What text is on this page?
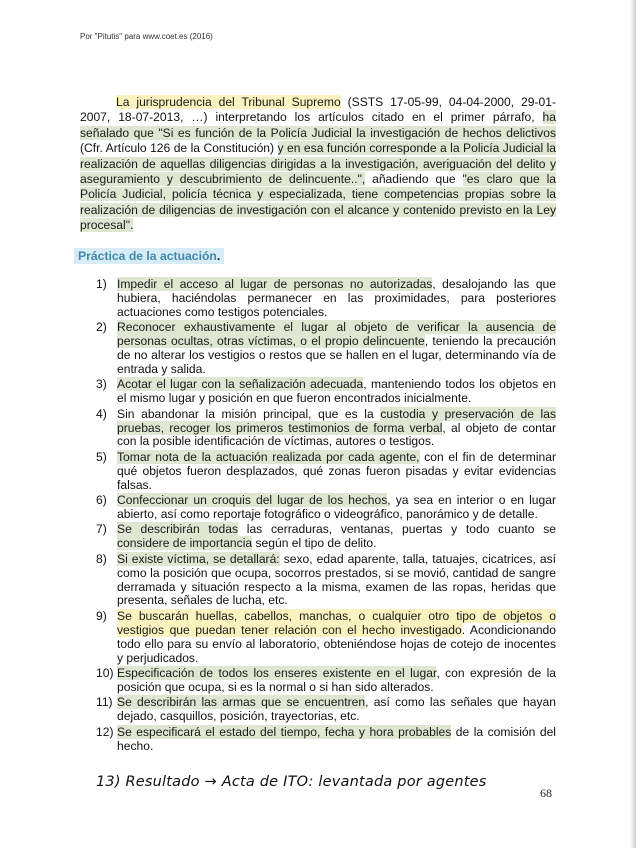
Por "Pitutis" para www.coet.es (2016)
La jurisprudencia del Tribunal Supremo (SSTS 17-05-99, 04-04-2000, 29-01-2007, 18-07-2013, …) interpretando los artículos citado en el primer párrafo, ha señalado que "Si es función de la Policía Judicial la investigación de hechos delictivos (Cfr. Artículo 126 de la Constitución) y en esa función corresponde a la Policía Judicial la realización de aquellas diligencias dirigidas a la investigación, averiguación del delito y aseguramiento y descubrimiento de delincuente..", añadiendo que "es claro que la Policía Judicial, policía técnica y especializada, tiene competencias propias sobre la realización de diligencias de investigación con el alcance y contenido previsto en la Ley procesal".
Práctica de la actuación.
1) Impedir el acceso al lugar de personas no autorizadas, desalojando las que hubiera, haciéndolas permanecer en las proximidades, para posteriores actuaciones como testigos potenciales.
2) Reconocer exhaustivamente el lugar al objeto de verificar la ausencia de personas ocultas, otras víctimas, o el propio delincuente, teniendo la precaución de no alterar los vestigios o restos que se hallen en el lugar, determinando vía de entrada y salida.
3) Acotar el lugar con la señalización adecuada, manteniendo todos los objetos en el mismo lugar y posición en que fueron encontrados inicialmente.
4) Sin abandonar la misión principal, que es la custodia y preservación de las pruebas, recoger los primeros testimonios de forma verbal, al objeto de contar con la posible identificación de víctimas, autores o testigos.
5) Tomar nota de la actuación realizada por cada agente, con el fin de determinar qué objetos fueron desplazados, qué zonas fueron pisadas y evitar evidencias falsas.
6) Confeccionar un croquis del lugar de los hechos, ya sea en interior o en lugar abierto, así como reportaje fotográfico o videográfico, panorámico y de detalle.
7) Se describirán todas las cerraduras, ventanas, puertas y todo cuanto se considere de importancia según el tipo de delito.
8) Si existe víctima, se detallará: sexo, edad aparente, talla, tatuajes, cicatrices, así como la posición que ocupa, socorros prestados, si se movió, cantidad de sangre derramada y situación respecto a la misma, examen de las ropas, heridas que presenta, señales de lucha, etc.
9) Se buscarán huellas, cabellos, manchas, o cualquier otro tipo de objetos o vestigios que puedan tener relación con el hecho investigado. Acondicionando todo ello para su envío al laboratorio, obteniéndose hojas de cotejo de inocentes y perjudicados.
10) Especificación de todos los enseres existente en el lugar, con expresión de la posición que ocupa, si es la normal o si han sido alterados.
11) Se describirán las armas que se encuentren, así como las señales que hayan dejado, casquillos, posición, trayectorias, etc.
12) Se especificará el estado del tiempo, fecha y hora probables de la comisión del hecho.
13) Resultado → Acta de ITO: levantada por agentes
68
